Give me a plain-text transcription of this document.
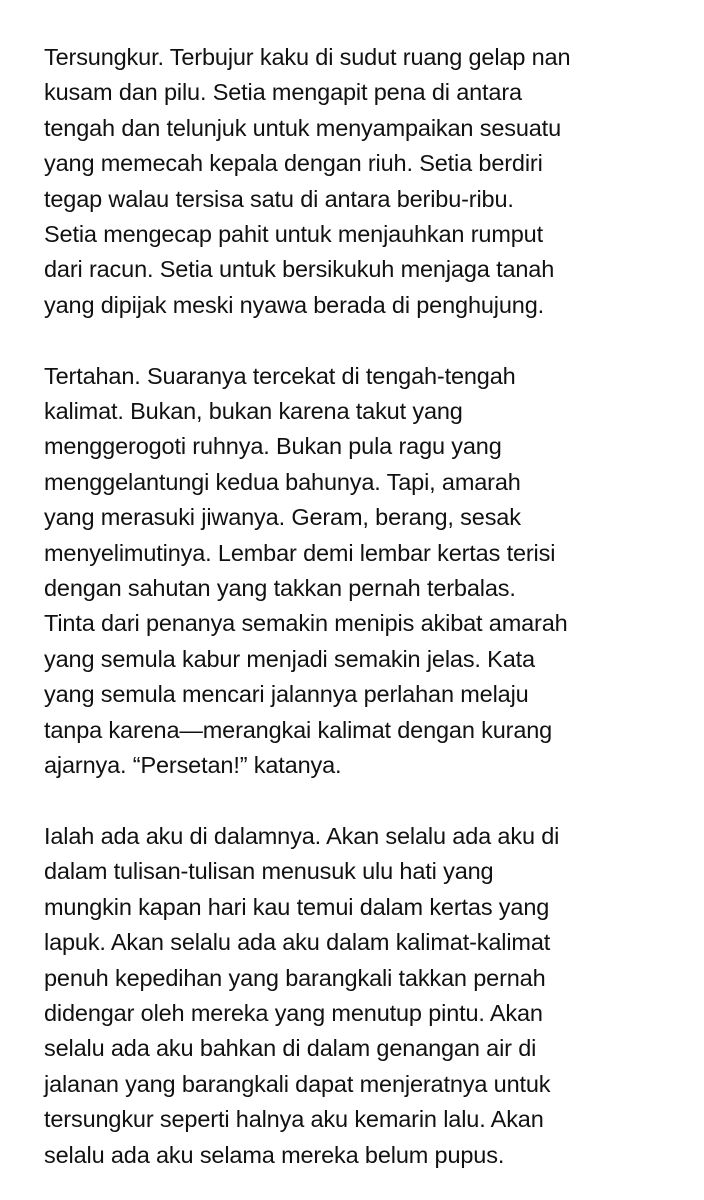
Tersungkur. Terbujur kaku di sudut ruang gelap nan
kusam dan pilu. Setia mengapit pena di antara
tengah dan telunjuk untuk menyampaikan sesuatu
yang memecah kepala dengan riuh. Setia berdiri
tegap walau tersisa satu di antara beribu-ribu.
Setia mengecap pahit untuk menjauhkan rumput
dari racun. Setia untuk bersikukuh menjaga tanah
yang dipijak meski nyawa berada di penghujung.

Tertahan. Suaranya tercekat di tengah-tengah
kalimat. Bukan, bukan karena takut yang
menggerogoti ruhnya. Bukan pula ragu yang
menggelantungi kedua bahunya. Tapi, amarah
yang merasuki jiwanya. Geram, berang, sesak
menyelimutinya. Lembar demi lembar kertas terisi
dengan sahutan yang takkan pernah terbalas.
Tinta dari penanya semakin menipis akibat amarah
yang semula kabur menjadi semakin jelas. Kata
yang semula mencari jalannya perlahan melaju
tanpa karena—merangkai kalimat dengan kurang
ajarnya. “Persetan!” katanya.

Ialah ada aku di dalamnya. Akan selalu ada aku di
dalam tulisan-tulisan menusuk ulu hati yang
mungkin kapan hari kau temui dalam kertas yang
lapuk. Akan selalu ada aku dalam kalimat-kalimat
penuh kepedihan yang barangkali takkan pernah
didengar oleh mereka yang menutup pintu. Akan
selalu ada aku bahkan di dalam genangan air di
jalanan yang barangkali dapat menjeratnya untuk
tersungkur seperti halnya aku kemarin lalu. Akan
selalu ada aku selama mereka belum pupus.
